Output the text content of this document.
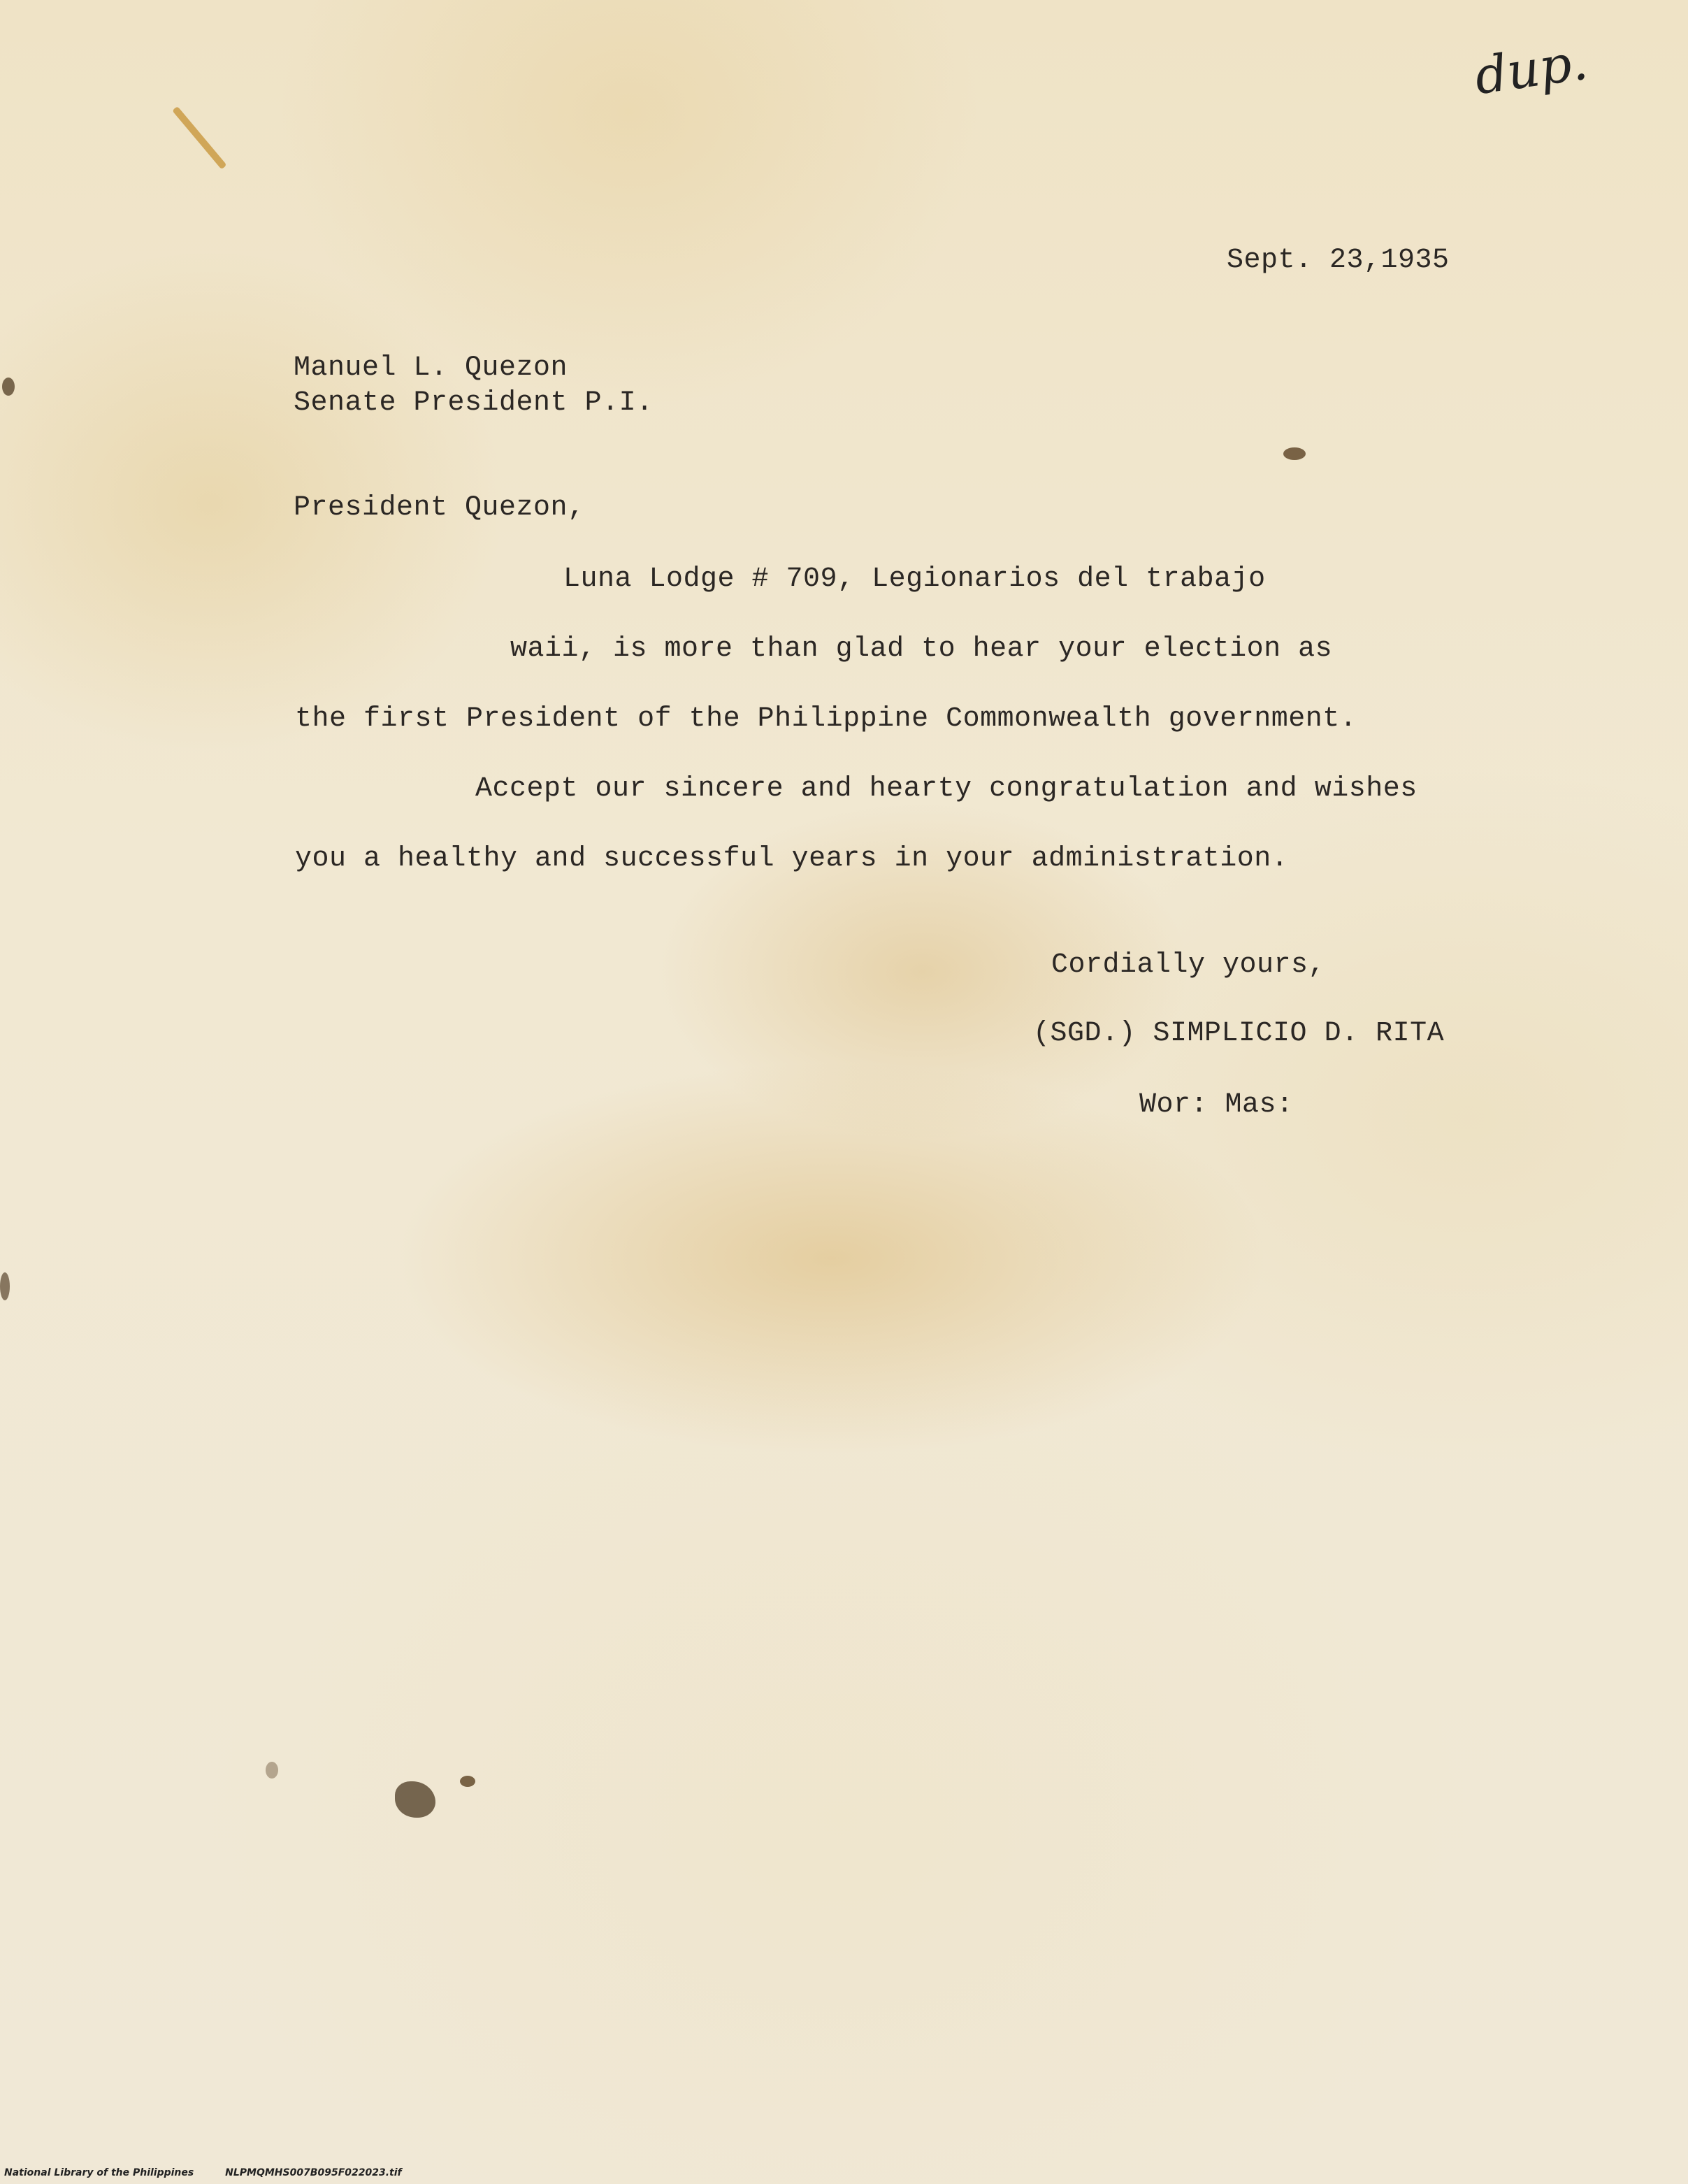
dup.

Sept. 23,1935

Manuel L. Quezon

Senate President P.I.

President Quezon,

Luna Lodge # 709, Legionarios del trabajo

waii, is more than glad to hear your election as

the first President of the Philippine Commonwealth government.

Accept our sincere and hearty congratulation and wishes

you a healthy and successful years in your administration.

Cordially yours,

(SGD.) SIMPLICIO D. RITA

Wor: Mas:

National Library of the Philippines	NLPMQMHS007B095F022023.tif
